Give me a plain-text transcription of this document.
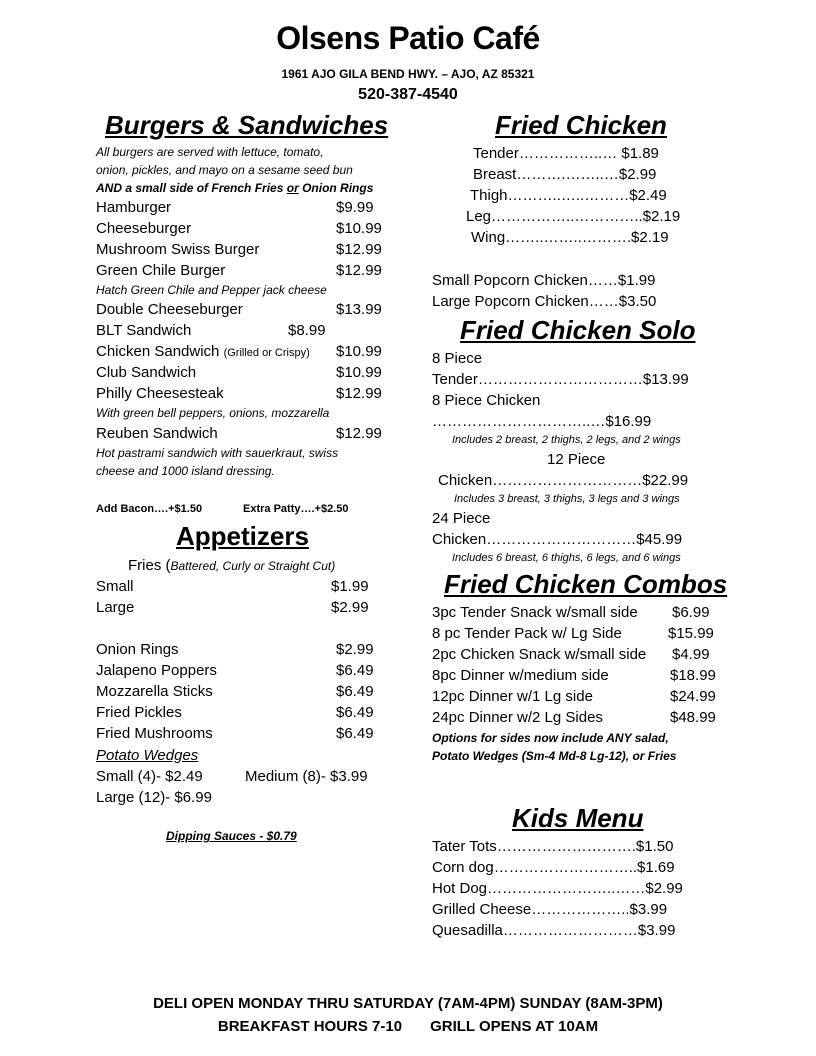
Olsens Patio Café
1961 AJO GILA BEND HWY. – AJO, AZ 85321
520-387-4540
Burgers & Sandwiches
All burgers are served with lettuce, tomato,
onion, pickles, and mayo on a sesame seed bun
AND a small side of French Fries or Onion Rings
Hamburger	$9.99
Cheeseburger	$10.99
Mushroom Swiss Burger	$12.99
Green Chile Burger	$12.99
Hatch Green Chile and Pepper jack cheese
Double Cheeseburger	$13.99
BLT Sandwich	$8.99
Chicken Sandwich (Grilled or Crispy) $10.99
Club Sandwich	$10.99
Philly Cheesesteak	$12.99
With green bell peppers, onions, mozzarella
Reuben Sandwich	$12.99
Hot pastrami sandwich with sauerkraut, swiss
cheese and 1000 island dressing.
Add Bacon….+$1.50	Extra Patty….+$2.50
Appetizers
Fries (Battered, Curly or Straight Cut)
Small	$1.99
Large	$2.99
Onion Rings	$2.99
Jalapeno Poppers	$6.49
Mozzarella Sticks	$6.49
Fried Pickles	$6.49
Fried Mushrooms	$6.49
Potato Wedges
Small (4)- $2.49	Medium (8)- $3.99
Large (12)- $6.99
Dipping Sauces - $0.79
Fried Chicken
Tender……………..… $1.89
Breast……….……..…$2.99
Thigh………..…..………$2.49
Leg……………..…………..$2.19
Wing……..……..……….$2.19
Small Popcorn Chicken……$1.99
Large Popcorn Chicken……$3.50
Fried Chicken Solo
8 Piece
Tender……………………………$13.99
8 Piece Chicken
…………………………..…$16.99
Includes 2 breast, 2 thighs, 2 legs, and 2 wings
12 Piece
Chicken…………………………$22.99
Includes 3 breast, 3 thighs, 3 legs and 3 wings
24 Piece
Chicken…………………………$45.99
Includes 6 breast, 6 thighs, 6 legs, and 6 wings
Fried Chicken Combos
3pc Tender Snack w/small side $6.99
8 pc Tender Pack w/ Lg Side	$15.99
2pc Chicken Snack w/small side $4.99
8pc Dinner w/medium side	$18.99
12pc Dinner w/1 Lg side	$24.99
24pc Dinner w/2 Lg Sides	$48.99
Options for sides now include ANY salad,
Potato Wedges (Sm-4 Md-8 Lg-12), or Fries
Kids Menu
Tater Tots……………………….$1.50
Corn dog………………………..$1.69
Hot Dog……………………..……$2.99
Grilled Cheese………………..$3.99
Quesadilla………………………$3.99
DELI OPEN MONDAY THRU SATURDAY (7AM-4PM) SUNDAY (8AM-3PM)
BREAKFAST HOURS 7-10 GRILL OPENS AT 10AM
